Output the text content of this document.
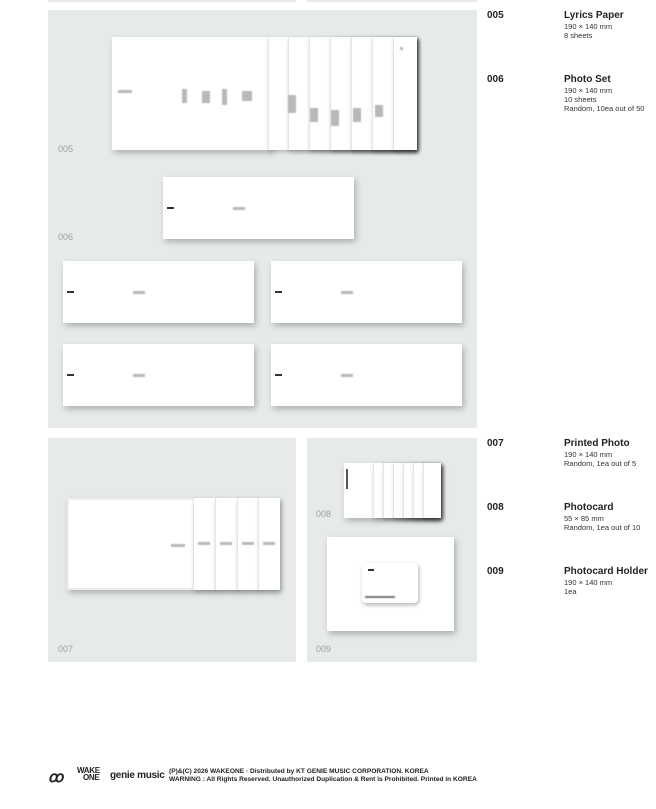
005
006
007
008
009
005	Lyrics Paper
190 × 140 mm
8 sheets
006	Photo Set
190 × 140 mm
10 sheets
Random, 10ea out of 50
007	Printed Photo
190 × 140 mm
Random, 1ea out of 5
008	Photocard
55 × 85 mm
Random, 1ea out of 10
009	Photocard Holder
190 × 140 mm
1ea
ꝏ WAKE
ONE genie music (P)&(C) 2026 WAKEONE · Distributed by KT GENIE MUSIC CORPORATION. KOREA
WARNING : All Rights Reserved. Unauthorized Duplication & Rent is Prohibited. Printed in KOREA
